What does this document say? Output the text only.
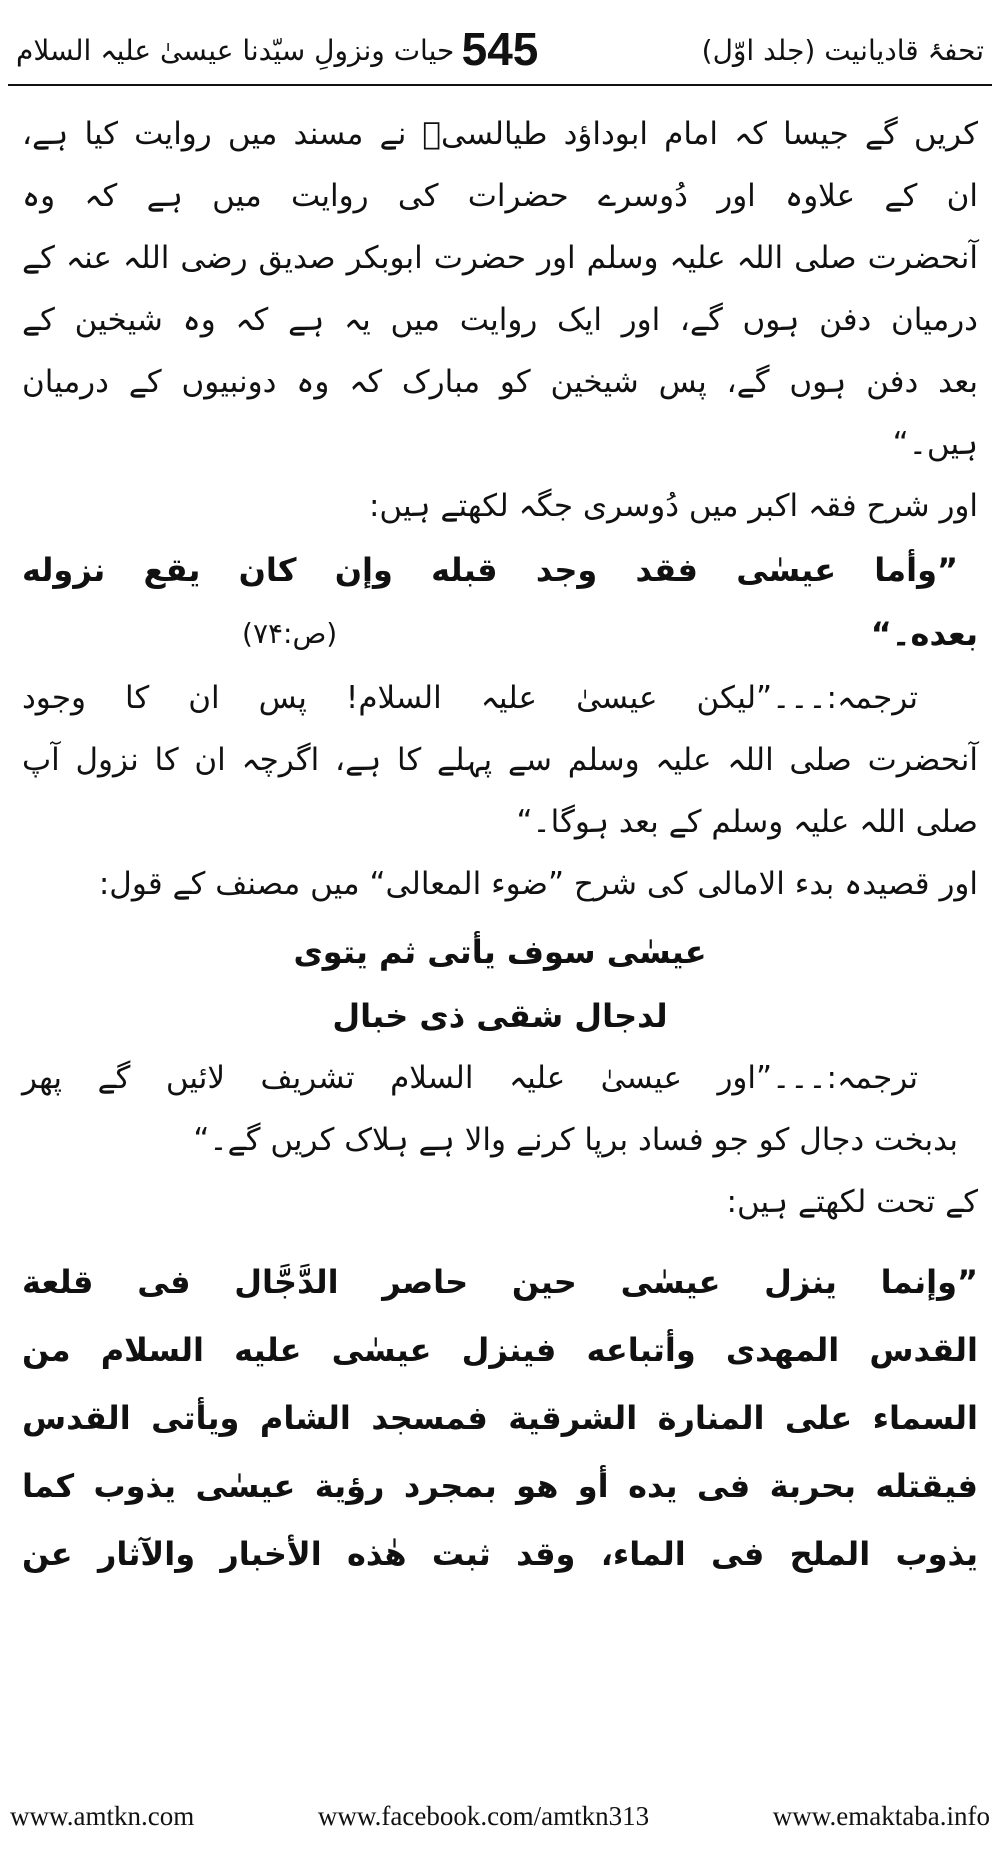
تحفۂ قادیانیت (جلد اوّل)
545
حیات ونزولِ سیّدنا عیسیٰ علیہ السلام
کریں گے جیسا کہ امام ابوداؤد طیالسیؒ نے مسند میں روایت کیا ہے،
ان کے علاوہ اور دُوسرے حضرات کی روایت میں ہے کہ وہ
آنحضرت صلی اللہ علیہ وسلم اور حضرت ابوبکر صدیق رضی اللہ عنہ کے
درمیان دفن ہوں گے، اور ایک روایت میں یہ ہے کہ وہ شیخین کے
بعد دفن ہوں گے، پس شیخین کو مبارک کہ وہ دونبیوں کے درمیان
ہیں۔“
اور شرح فقہ اکبر میں دُوسری جگہ لکھتے ہیں:
”وأما عیسٰی فقد وجد قبله وإن کان یقع نزوله
بعده۔“
(ص:۷۴)
ترجمہ:۔۔۔”لیکن عیسیٰ علیہ السلام! پس ان کا وجود
آنحضرت صلی اللہ علیہ وسلم سے پہلے کا ہے، اگرچہ ان کا نزول آپ
صلی اللہ علیہ وسلم کے بعد ہوگا۔“
اور قصیدہ بدء الامالی کی شرح ”ضوء المعالی“ میں مصنف کے قول:
عیسٰی سوف یأتی ثم یتوی
لدجال شقی ذی خبال
ترجمہ:۔۔۔”اور عیسیٰ علیہ السلام تشریف لائیں گے پھر
بدبخت دجال کو جو فساد برپا کرنے والا ہے ہلاک کریں گے۔“
کے تحت لکھتے ہیں:
”وإنما ینزل عیسٰی حین حاصر الدَّجَّال فی قلعة
القدس المهدی وأتباعه فینزل عیسٰی علیه السلام من
السماء علی المنارة الشرقیة فمسجد الشام ویأتی القدس
فیقتله بحربة فی یده أو هو بمجرد رؤیة عیسٰی یذوب کما
یذوب الملح فی الماء، وقد ثبت هٰذه الأخبار والآثار عن
www.amtkn.com	www.facebook.com/amtkn313	www.emaktaba.info
